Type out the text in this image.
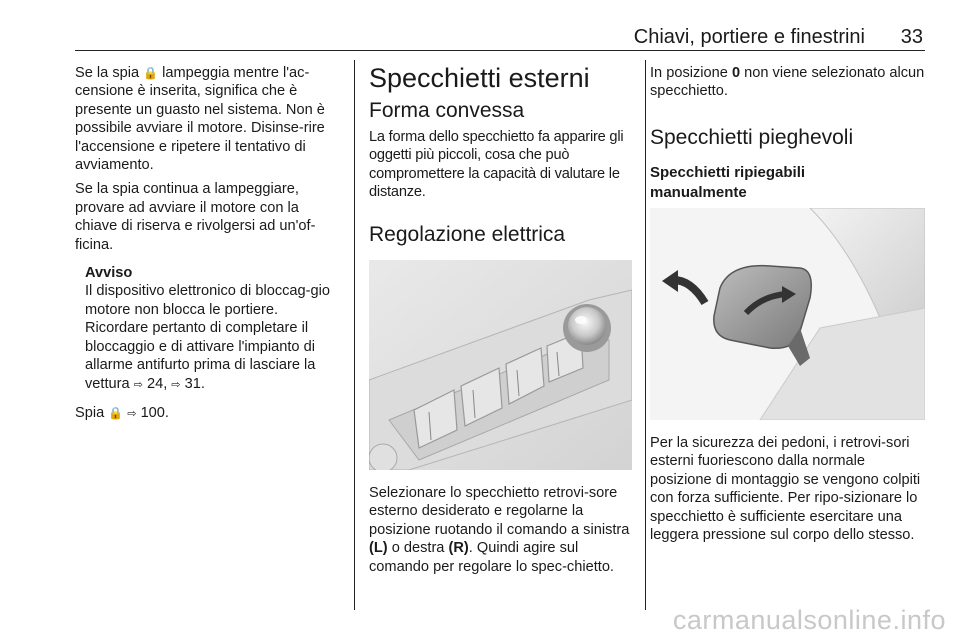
Chiavi, portiere e finestrini 33

Se la spia 🔒 lampeggia mentre l'ac-censione è inserita, significa che è presente un guasto nel sistema. Non è possibile avviare il motore. Disinse-rire l'accensione e ripetere il tentativo di avviamento.

Se la spia continua a lampeggiare, provare ad avviare il motore con la chiave di riserva e rivolgersi ad un'of-ficina.

Avviso

Il dispositivo elettronico di bloccag-gio motore non blocca le portiere. Ricordare pertanto di completare il bloccaggio e di attivare l'impianto di allarme antifurto prima di lasciare la vettura ⇨ 24, ⇨ 31.

Spia 🔒 ⇨ 100.

Specchietti esterni
Forma convessa

La forma dello specchietto fa apparire gli oggetti più piccoli, cosa che può compromettere la capacità di valutare le distanze.

Regolazione elettrica

Selezionare lo specchietto retrovi-sore esterno desiderato e regolarne la posizione ruotando il comando a sinistra (L) o destra (R). Quindi agire sul comando per regolare lo spec-chietto.

In posizione 0 non viene selezionato alcun specchietto.

Specchietti pieghevoli

Specchietti ripiegabili

manualmente

Per la sicurezza dei pedoni, i retrovi-sori esterni fuoriescono dalla normale posizione di montaggio se vengono colpiti con forza sufficiente. Per ripo-sizionare lo specchietto è sufficiente esercitare una leggera pressione sul corpo dello stesso.

carmanualsonline.info
